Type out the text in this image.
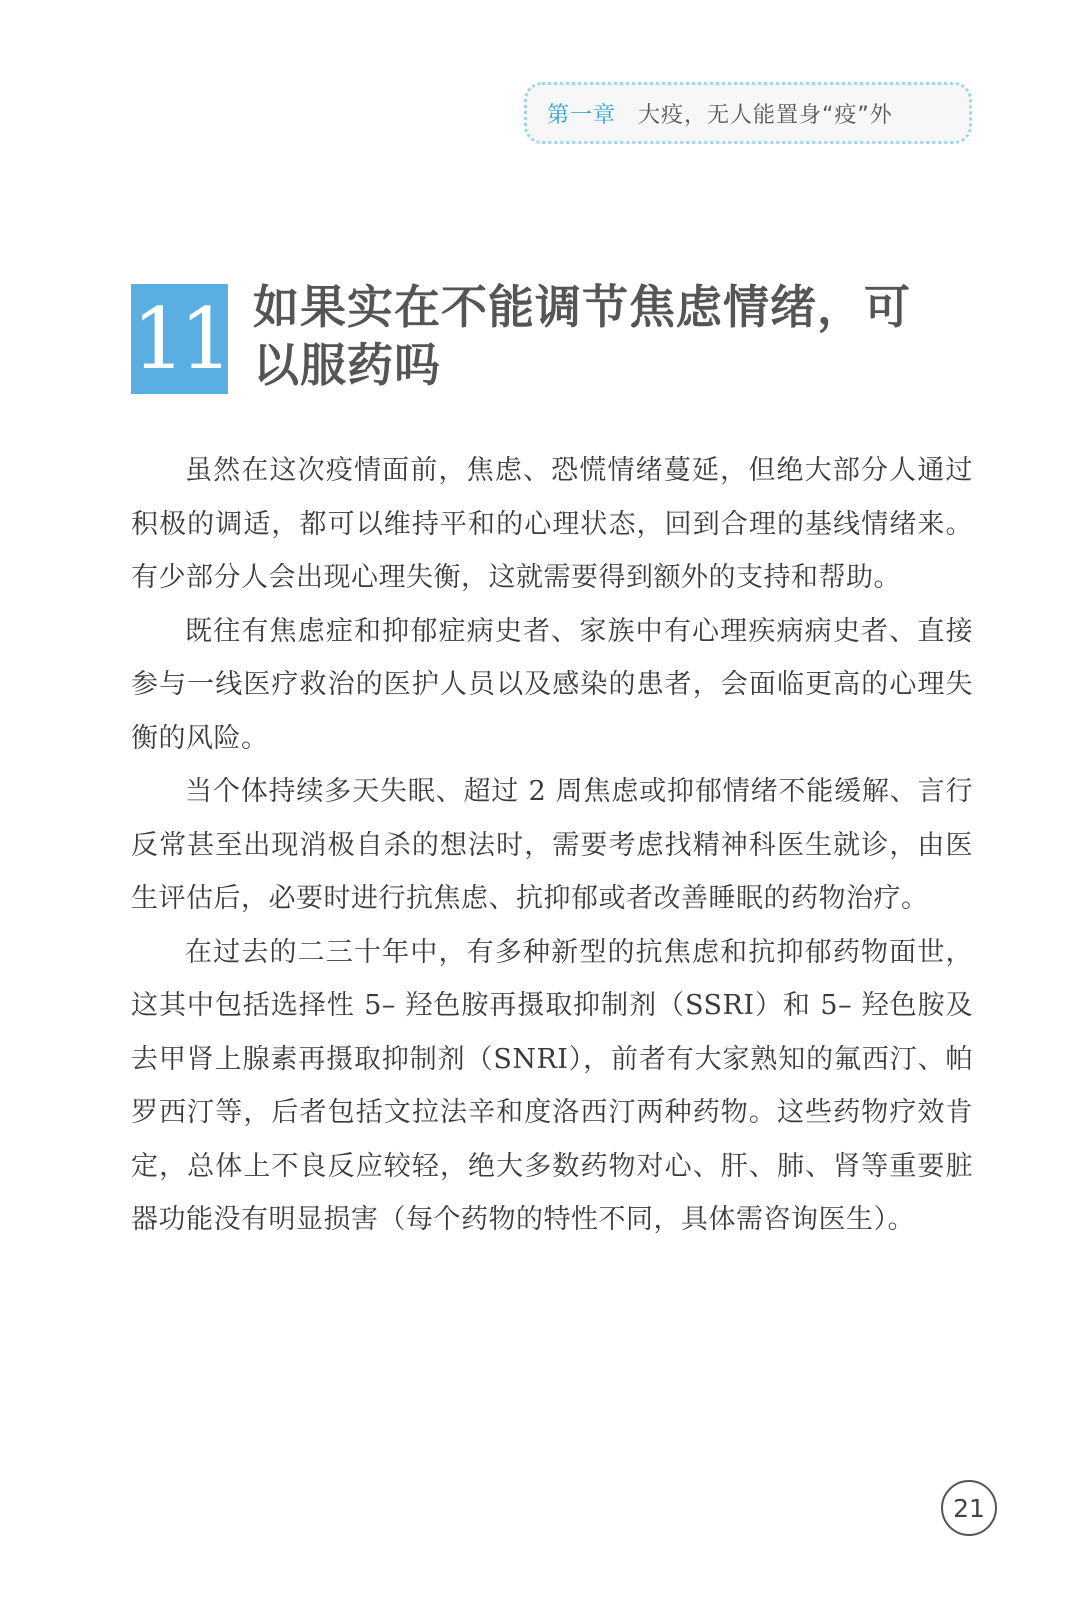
第一章 大疫，无人能置身“疫”外
11 如果实在不能调节焦虑情绪，可以服药吗

虽然在这次疫情面前，焦虑、恐慌情绪蔓延，但绝大部分人通过积极的调适，都可以维持平和的心理状态，回到合理的基线情绪来。有少部分人会出现心理失衡，这就需要得到额外的支持和帮助。

既往有焦虑症和抑郁症病史者、家族中有心理疾病病史者、直接参与一线医疗救治的医护人员以及感染的患者，会面临更高的心理失衡的风险。

当个体持续多天失眠、超过 2 周焦虑或抑郁情绪不能缓解、言行反常甚至出现消极自杀的想法时，需要考虑找精神科医生就诊，由医生评估后，必要时进行抗焦虑、抗抑郁或者改善睡眠的药物治疗。

在过去的二三十年中，有多种新型的抗焦虑和抗抑郁药物面世，这其中包括选择性 5– 羟色胺再摄取抑制剂（SSRI）和 5– 羟色胺及去甲肾上腺素再摄取抑制剂（SNRI），前者有大家熟知的氟西汀、帕罗西汀等，后者包括文拉法辛和度洛西汀两种药物。这些药物疗效肯定，总体上不良反应较轻，绝大多数药物对心、肝、肺、肾等重要脏器功能没有明显损害（每个药物的特性不同，具体需咨询医生）。

21
